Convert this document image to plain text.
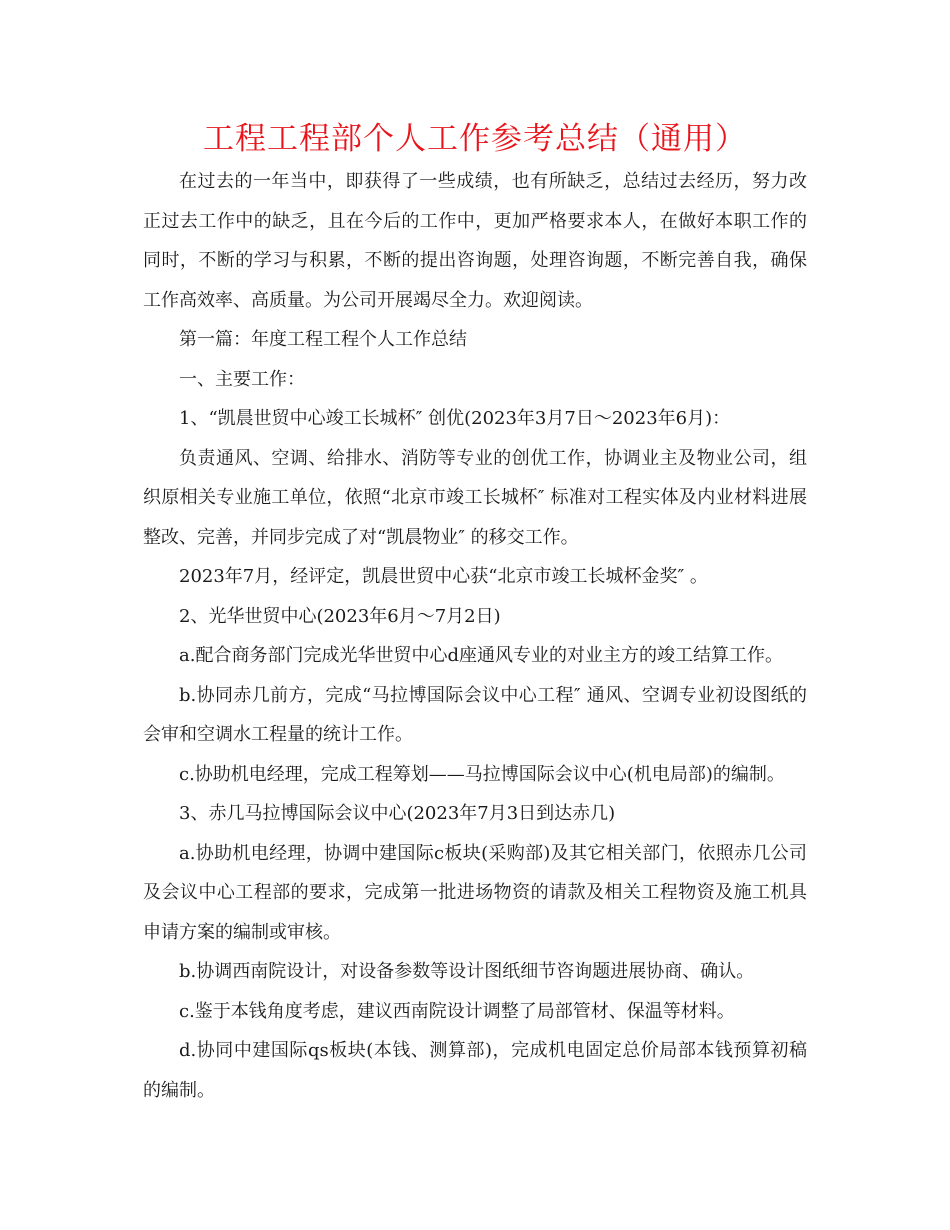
工程工程部个人工作参考总结（通用）

在过去的一年当中，即获得了一些成绩，也有所缺乏，总结过去经历，努力改正过去工作中的缺乏，且在今后的工作中，更加严格要求本人，在做好本职工作的同时，不断的学习与积累，不断的提出咨询题，处理咨询题，不断完善自我，确保工作高效率、高质量。为公司开展竭尽全力。欢迎阅读。

第一篇：年度工程工程个人工作总结

一、主要工作：

1、“凯晨世贸中心竣工长城杯″ 创优(2023年3月7日～2023年6月)：

负责通风、空调、给排水、消防等专业的创优工作，协调业主及物业公司，组织原相关专业施工单位，依照“北京市竣工长城杯″ 标准对工程实体及内业材料进展整改、完善，并同步完成了对“凯晨物业″ 的移交工作。

2023年7月，经评定，凯晨世贸中心获“北京市竣工长城杯金奖″ 。

2、光华世贸中心(2023年6月～7月2日)

a.配合商务部门完成光华世贸中心d座通风专业的对业主方的竣工结算工作。

b.协同赤几前方，完成“马拉博国际会议中心工程″ 通风、空调专业初设图纸的会审和空调水工程量的统计工作。

c.协助机电经理，完成工程筹划——马拉博国际会议中心(机电局部)的编制。

3、赤几马拉博国际会议中心(2023年7月3日到达赤几)

a.协助机电经理，协调中建国际c板块(采购部)及其它相关部门，依照赤几公司及会议中心工程部的要求，完成第一批进场物资的请款及相关工程物资及施工机具申请方案的编制或审核。

b.协调西南院设计，对设备参数等设计图纸细节咨询题进展协商、确认。

c.鉴于本钱角度考虑，建议西南院设计调整了局部管材、保温等材料。

d.协同中建国际qs板块(本钱、测算部)，完成机电固定总价局部本钱预算初稿的编制。
